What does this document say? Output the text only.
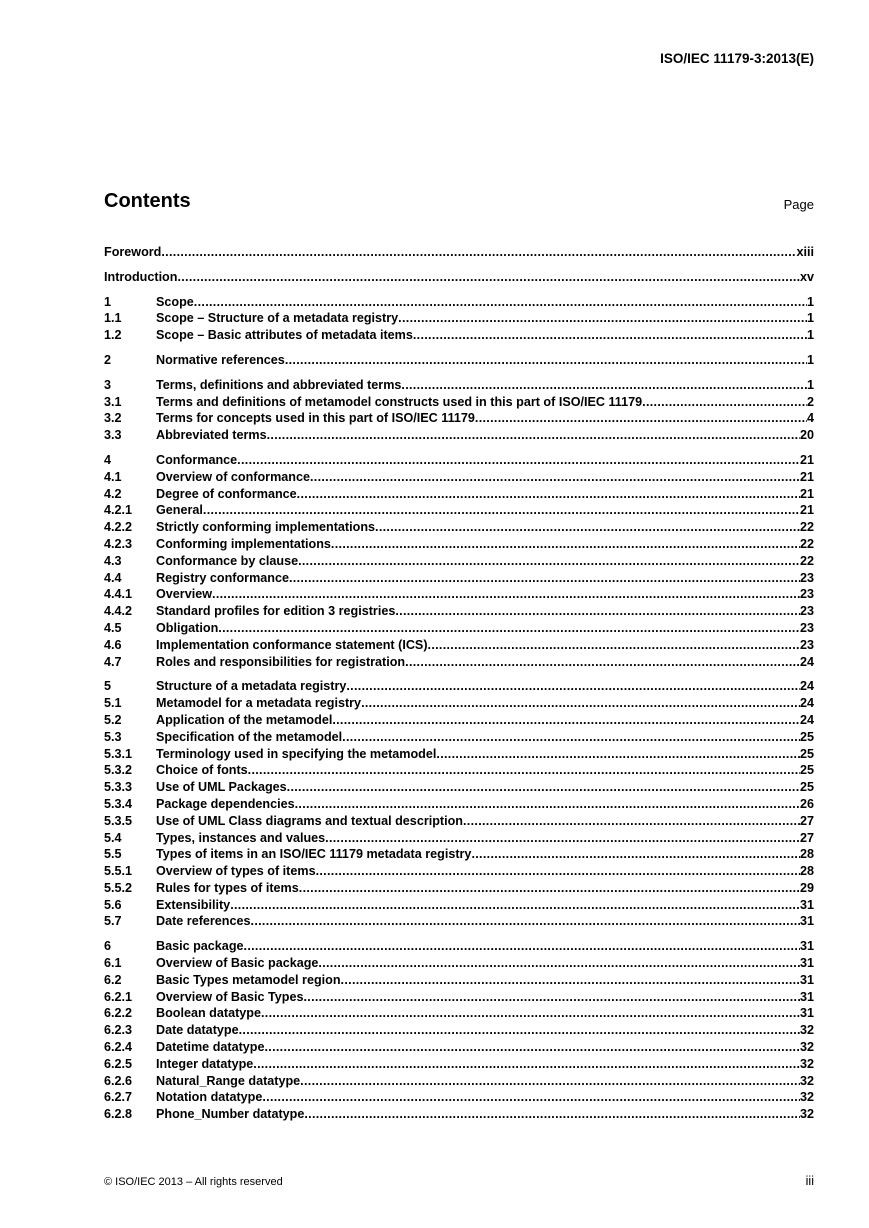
ISO/IEC 11179-3:2013(E)
Contents	Page
Foreword .....	xiii
Introduction .....	xv
1	Scope .....	1
1.1	Scope – Structure of a metadata registry .....	1
1.2	Scope – Basic attributes of metadata items .....	1
2	Normative references .....	1
3	Terms, definitions and abbreviated terms .....	1
3.1	Terms and definitions of metamodel constructs used in this part of ISO/IEC 11179 .....	2
3.2	Terms for concepts used in this part of ISO/IEC 11179 .....	4
3.3	Abbreviated terms .....	20
4	Conformance .....	21
4.1	Overview of conformance .....	21
4.2	Degree of conformance .....	21
4.2.1	General .....	21
4.2.2	Strictly conforming implementations .....	22
4.2.3	Conforming implementations .....	22
4.3	Conformance by clause .....	22
4.4	Registry conformance .....	23
4.4.1	Overview .....	23
4.4.2	Standard profiles for edition 3 registries .....	23
4.5	Obligation .....	23
4.6	Implementation conformance statement (ICS) .....	23
4.7	Roles and responsibilities for registration .....	24
5	Structure of a metadata registry .....	24
5.1	Metamodel for a metadata registry .....	24
5.2	Application of the metamodel .....	24
5.3	Specification of the metamodel .....	25
5.3.1	Terminology used in specifying the metamodel .....	25
5.3.2	Choice of fonts .....	25
5.3.3	Use of UML Packages .....	25
5.3.4	Package dependencies .....	26
5.3.5	Use of UML Class diagrams and textual description .....	27
5.4	Types, instances and values .....	27
5.5	Types of items in an ISO/IEC 11179 metadata registry .....	28
5.5.1	Overview of types of items .....	28
5.5.2	Rules for types of items .....	29
5.6	Extensibility .....	31
5.7	Date references .....	31
6	Basic package .....	31
6.1	Overview of Basic package .....	31
6.2	Basic Types metamodel region .....	31
6.2.1	Overview of Basic Types .....	31
6.2.2	Boolean datatype .....	31
6.2.3	Date datatype .....	32
6.2.4	Datetime datatype .....	32
6.2.5	Integer datatype .....	32
6.2.6	Natural_Range datatype .....	32
6.2.7	Notation datatype .....	32
6.2.8	Phone_Number datatype .....	32
© ISO/IEC 2013 – All rights reserved	iii
